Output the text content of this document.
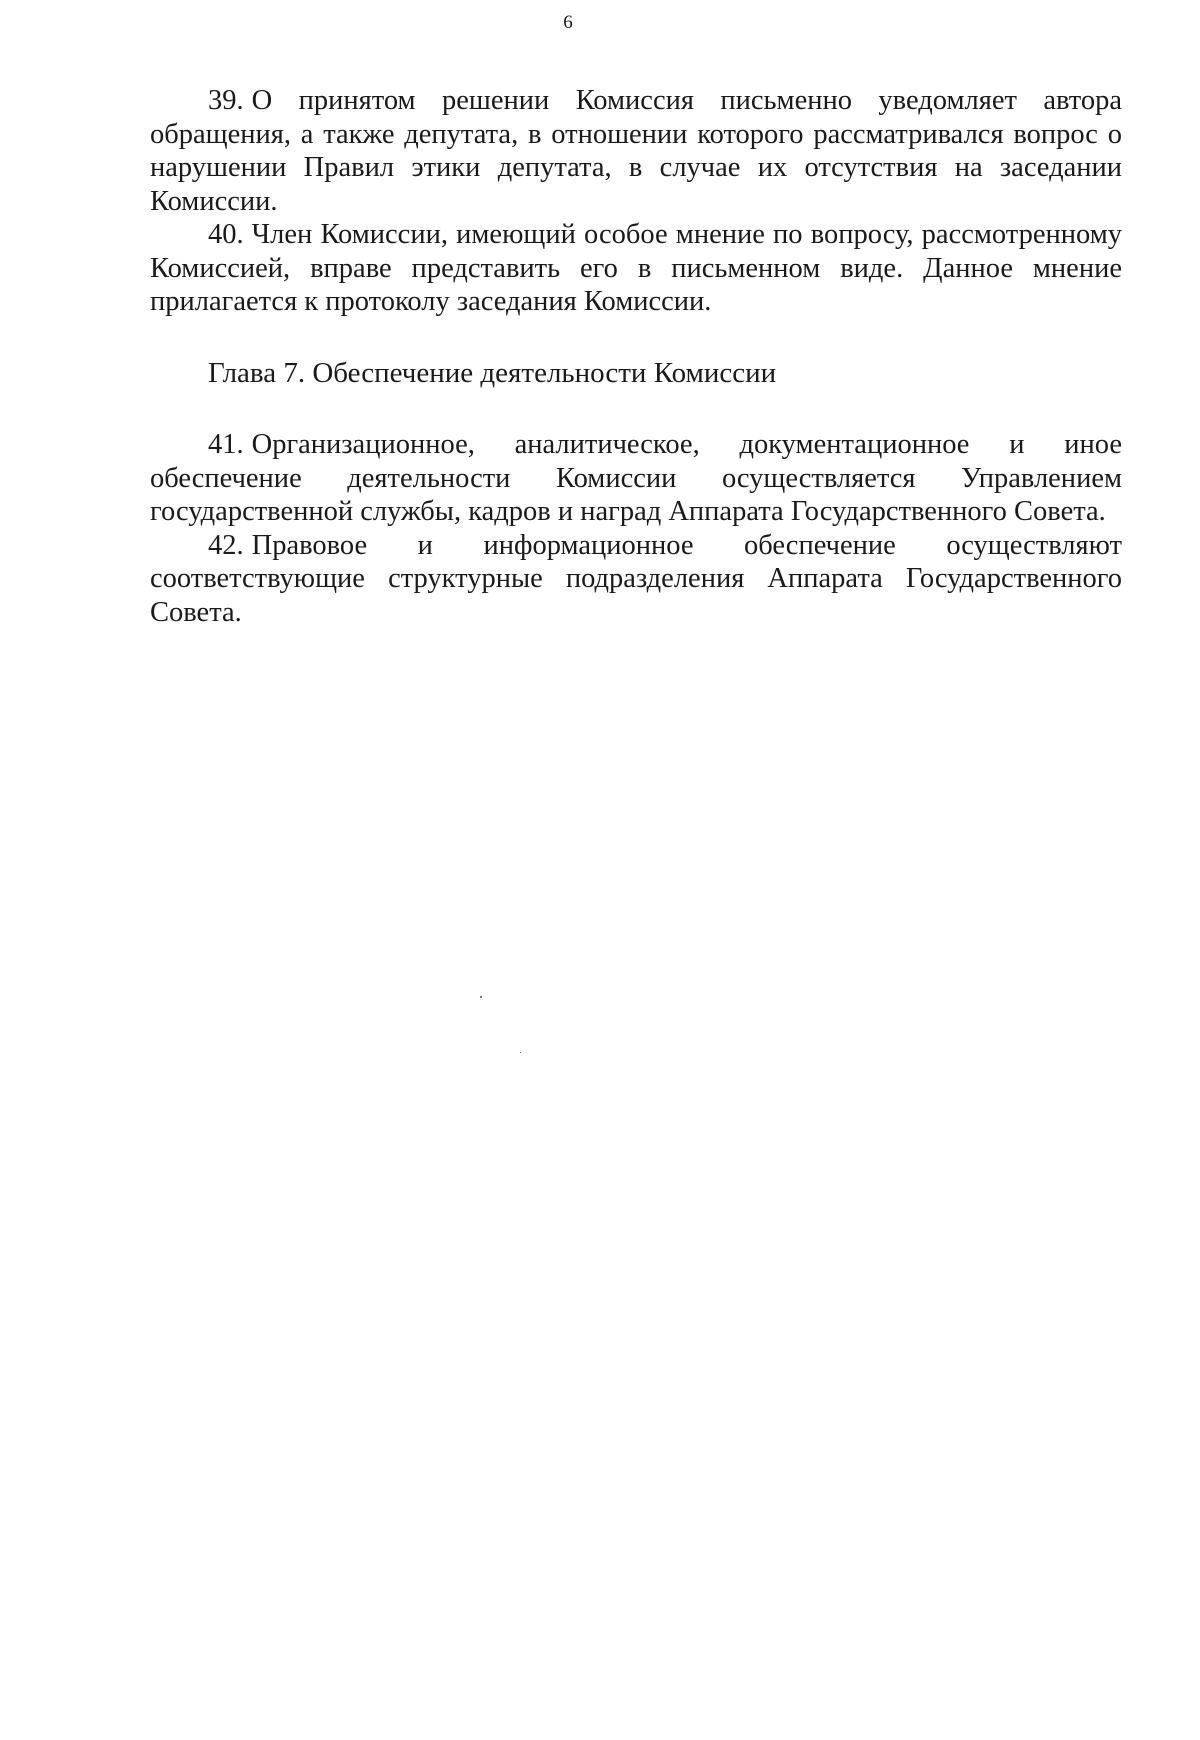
6

39. О принятом решении Комиссия письменно уведомляет автора обращения, а также депутата, в отношении которого рассматривался вопрос о нарушении Правил этики депутата, в случае их отсутствия на заседании Комиссии.

40. Член Комиссии, имеющий особое мнение по вопросу, рассмотренному Комиссией, вправе представить его в письменном виде. Данное мнение прилагается к протоколу заседания Комиссии.

Глава 7. Обеспечение деятельности Комиссии

41. Организационное, аналитическое, документационное и иное обеспечение деятельности Комиссии осуществляется Управлением государственной службы, кадров и наград Аппарата Государственного Совета.

42. Правовое и информационное обеспечение осуществляют соответствующие структурные подразделения Аппарата Государственного Совета.
